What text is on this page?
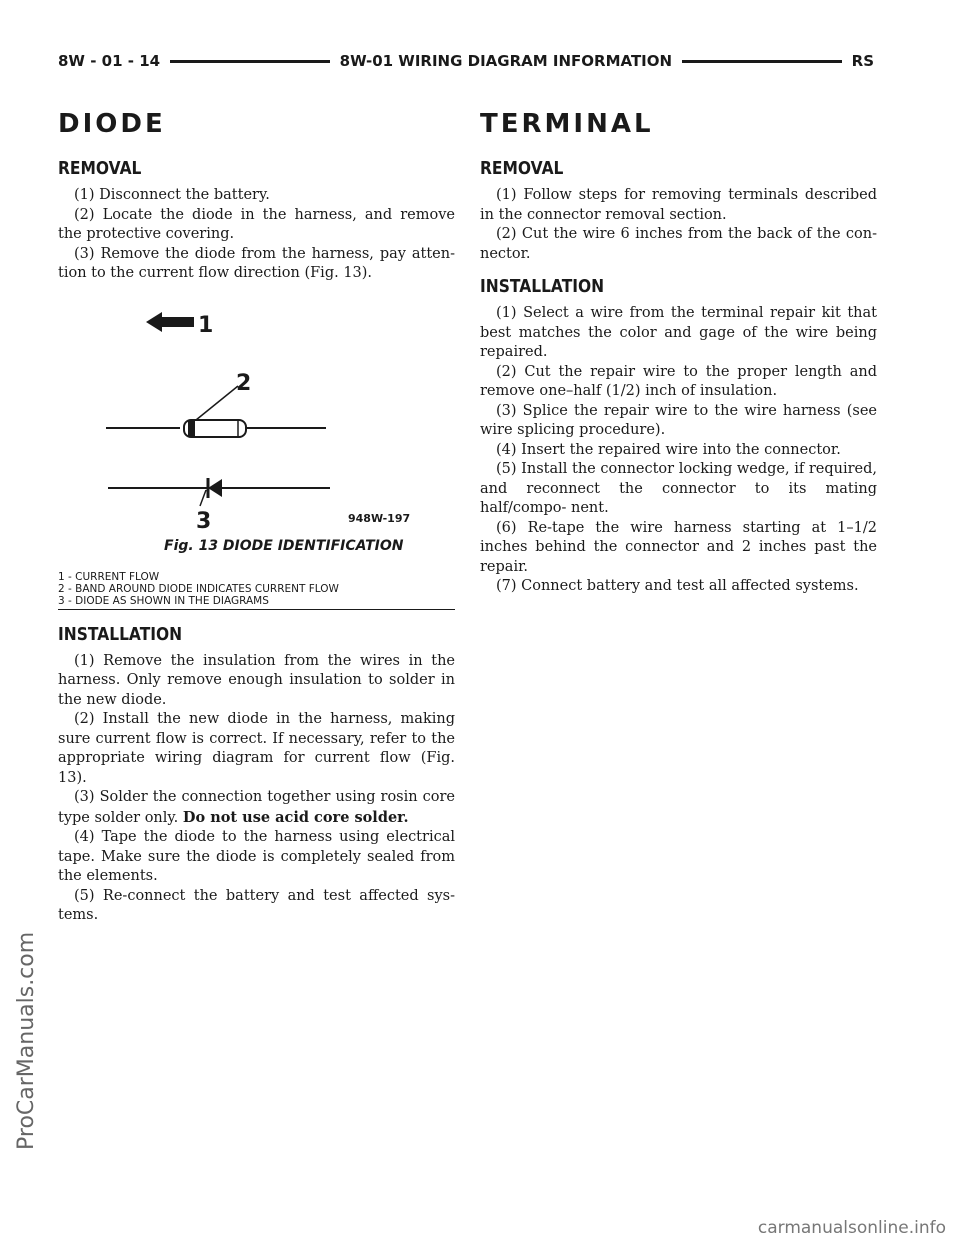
8W - 01 - 14	8W-01 WIRING DIAGRAM INFORMATION	RS
DIODE
REMOVAL

(1) Disconnect the battery.

(2) Locate the diode in the harness, and remove the protective covering.

(3) Remove the diode from the harness, pay atten- tion to the current flow direction (Fig. 13).

1
2
3	948W-197
Fig. 13 DIODE IDENTIFICATION
1 - CURRENT FLOW
2 - BAND AROUND DIODE INDICATES CURRENT FLOW
3 - DIODE AS SHOWN IN THE DIAGRAMS
INSTALLATION

(1) Remove the insulation from the wires in the harness. Only remove enough insulation to solder in the new diode.

(2) Install the new diode in the harness, making sure current flow is correct. If necessary, refer to the appropriate wiring diagram for current flow (Fig. 13).

(3) Solder the connection together using rosin core type solder only. Do not use acid core solder.

(4) Tape the diode to the harness using electrical tape. Make sure the diode is completely sealed from the elements.

(5) Re-connect the battery and test affected sys- tems.

TERMINAL
REMOVAL

(1) Follow steps for removing terminals described in the connector removal section.

(2) Cut the wire 6 inches from the back of the con- nector.

INSTALLATION

(1) Select a wire from the terminal repair kit that best matches the color and gage of the wire being repaired.

(2) Cut the repair wire to the proper length and remove one–half (1/2) inch of insulation.

(3) Splice the repair wire to the wire harness (see wire splicing procedure).

(4) Insert the repaired wire into the connector.

(5) Install the connector locking wedge, if required, and reconnect the connector to its mating half/compo- nent.

(6) Re-tape the wire harness starting at 1–1/2 inches behind the connector and 2 inches past the repair.

(7) Connect battery and test all affected systems.

ProCarManuals.com
carmanualsonline.info
